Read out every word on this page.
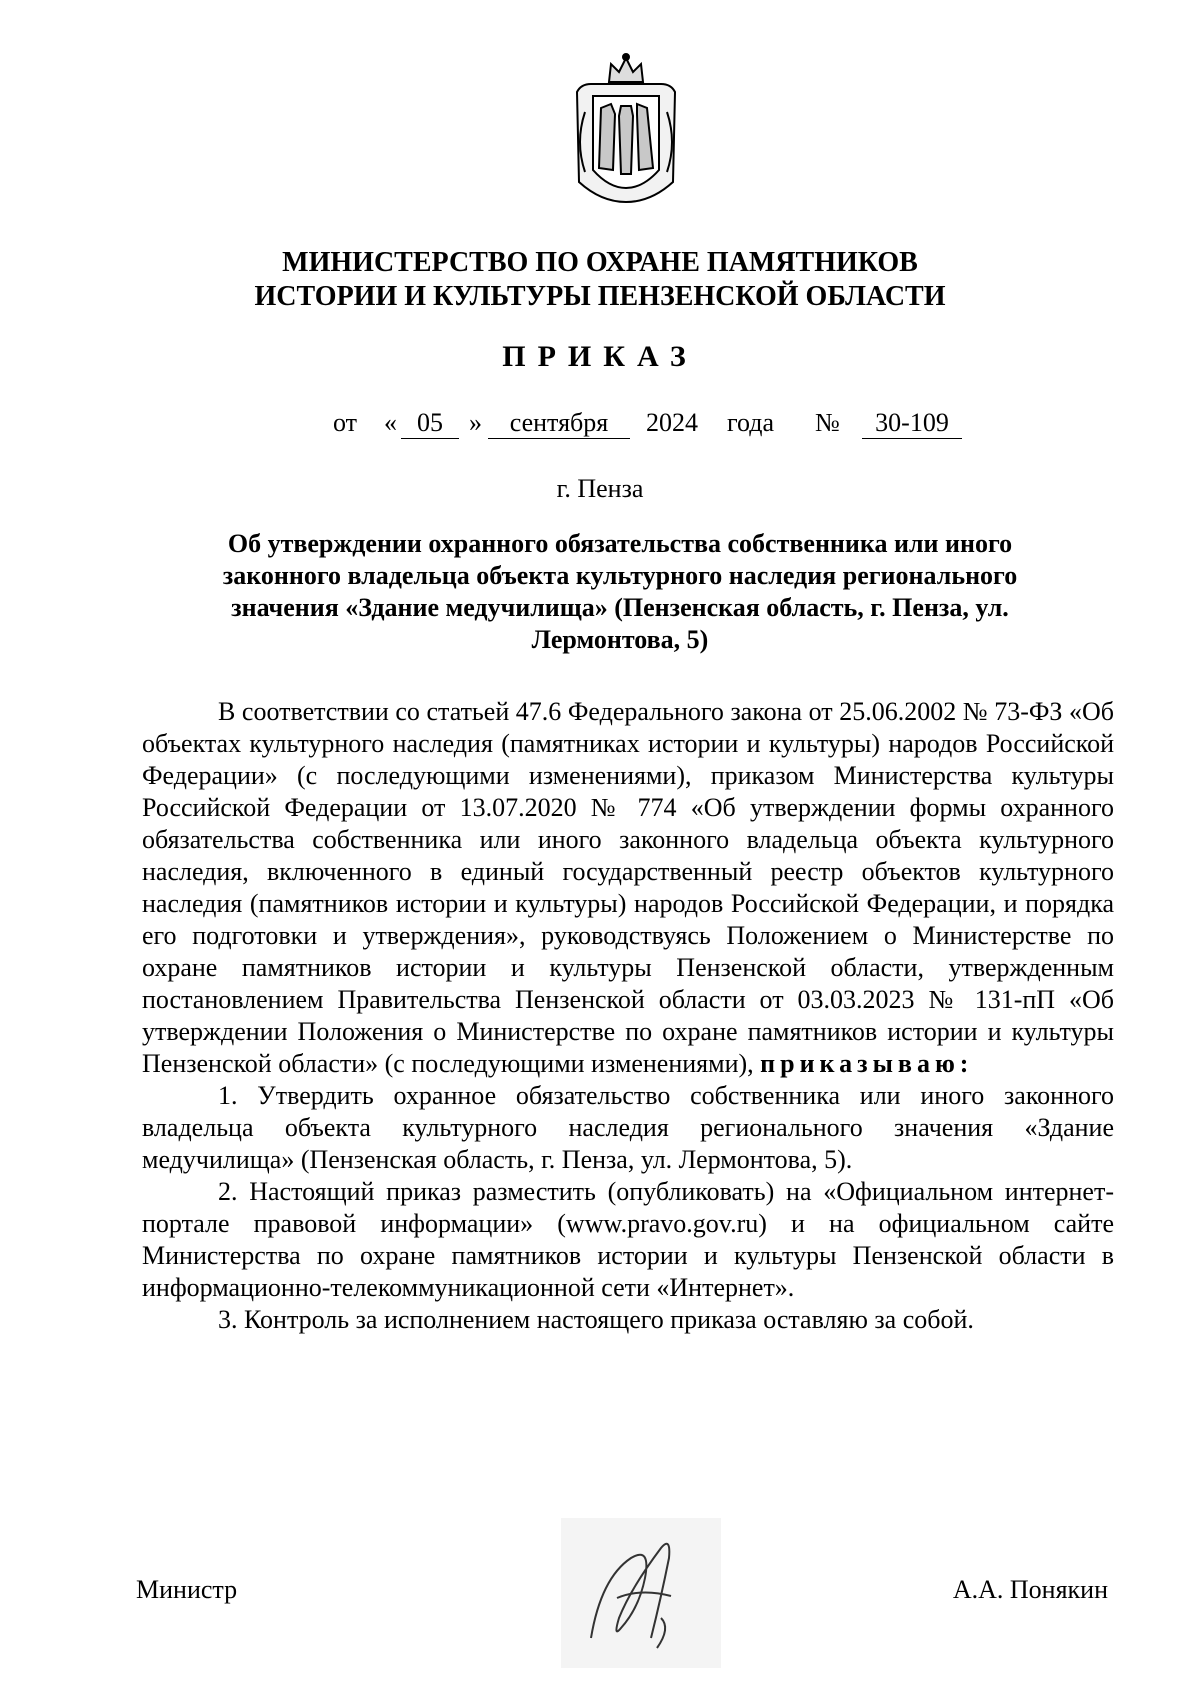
МИНИСТЕРСТВО ПО ОХРАНЕ ПАМЯТНИКОВ
ИСТОРИИ И КУЛЬТУРЫ ПЕНЗЕНСКОЙ ОБЛАСТИ
ПРИКАЗ
от « 05	»	сентября	2024 года №	30-109
г. Пенза
Об утверждении охранного обязательства собственника или иного законного владельца объекта культурного наследия регионального значения «Здание медучилища» (Пензенская область, г. Пенза, ул. Лермонтова, 5)

В соответствии со статьей 47.6 Федерального закона от 25.06.2002 № 73-ФЗ «Об объектах культурного наследия (памятниках истории и культуры) народов Российской Федерации» (с последующими изменениями), приказом Министерства культуры Российской Федерации от 13.07.2020 № 774 «Об утверждении формы охранного обязательства собственника или иного законного владельца объекта культурного наследия, включенного в единый государственный реестр объектов культурного наследия (памятников истории и культуры) народов Российской Федерации, и порядка его подготовки и утверждения», руководствуясь Положением о Министерстве по охране памятников истории и культуры Пензенской области, утвержденным постановлением Правительства Пензенской области от 03.03.2023 № 131-пП «Об утверждении Положения о Министерстве по охране памятников истории и культуры Пензенской области» (с последующими изменениями), приказываю:

1. Утвердить охранное обязательство собственника или иного законного владельца объекта культурного наследия регионального значения «Здание медучилища» (Пензенская область, г. Пенза, ул. Лермонтова, 5).

2. Настоящий приказ разместить (опубликовать) на «Официальном интернет-портале правовой информации» (www.pravo.gov.ru) и на официальном сайте Министерства по охране памятников истории и культуры Пензенской области в информационно-телекоммуникационной сети «Интернет».

3. Контроль за исполнением настоящего приказа оставляю за собой.

Министр	А.А. Понякин
